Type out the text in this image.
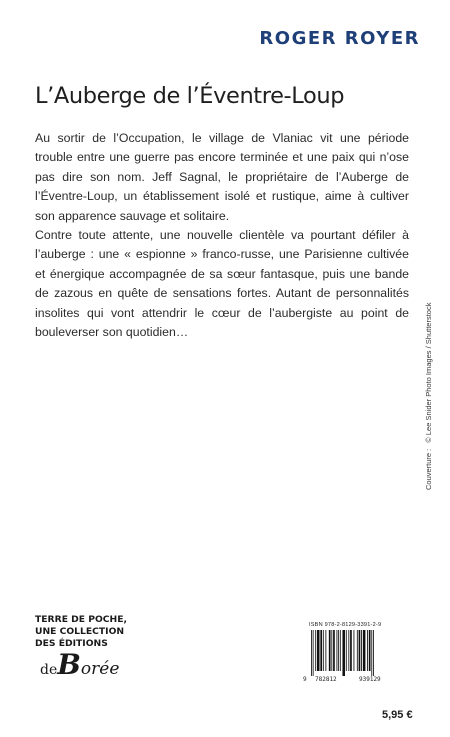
ROGER ROYER
L’Auberge de l’Éventre-Loup

Au sortir de l’Occupation, le village de Vlaniac vit une période trouble entre une guerre pas encore terminée et une paix qui n’ose pas dire son nom. Jeff Sagnal, le propriétaire de l’Auberge de l’Éventre-Loup, un établissement isolé et rustique, aime à cultiver son apparence sauvage et solitaire.

Contre toute attente, une nouvelle clientèle va pourtant défiler à l’auberge : une « espionne » franco-russe, une Parisienne cultivée et énergique accompagnée de sa sœur fantasque, puis une bande de zazous en quête de sensations fortes. Autant de personnalités insolites qui vont attendrir le cœur de l’aubergiste au point de bouleverser son quotidien…

Couverture :© Lee Snider Photo Images / Shutterstock
TERRE DE POCHE,
UNE COLLECTION
DES ÉDITIONS
deBorée
ISBN 978-2-8129-3391-2-9
9 782812	939129
5,95 €
